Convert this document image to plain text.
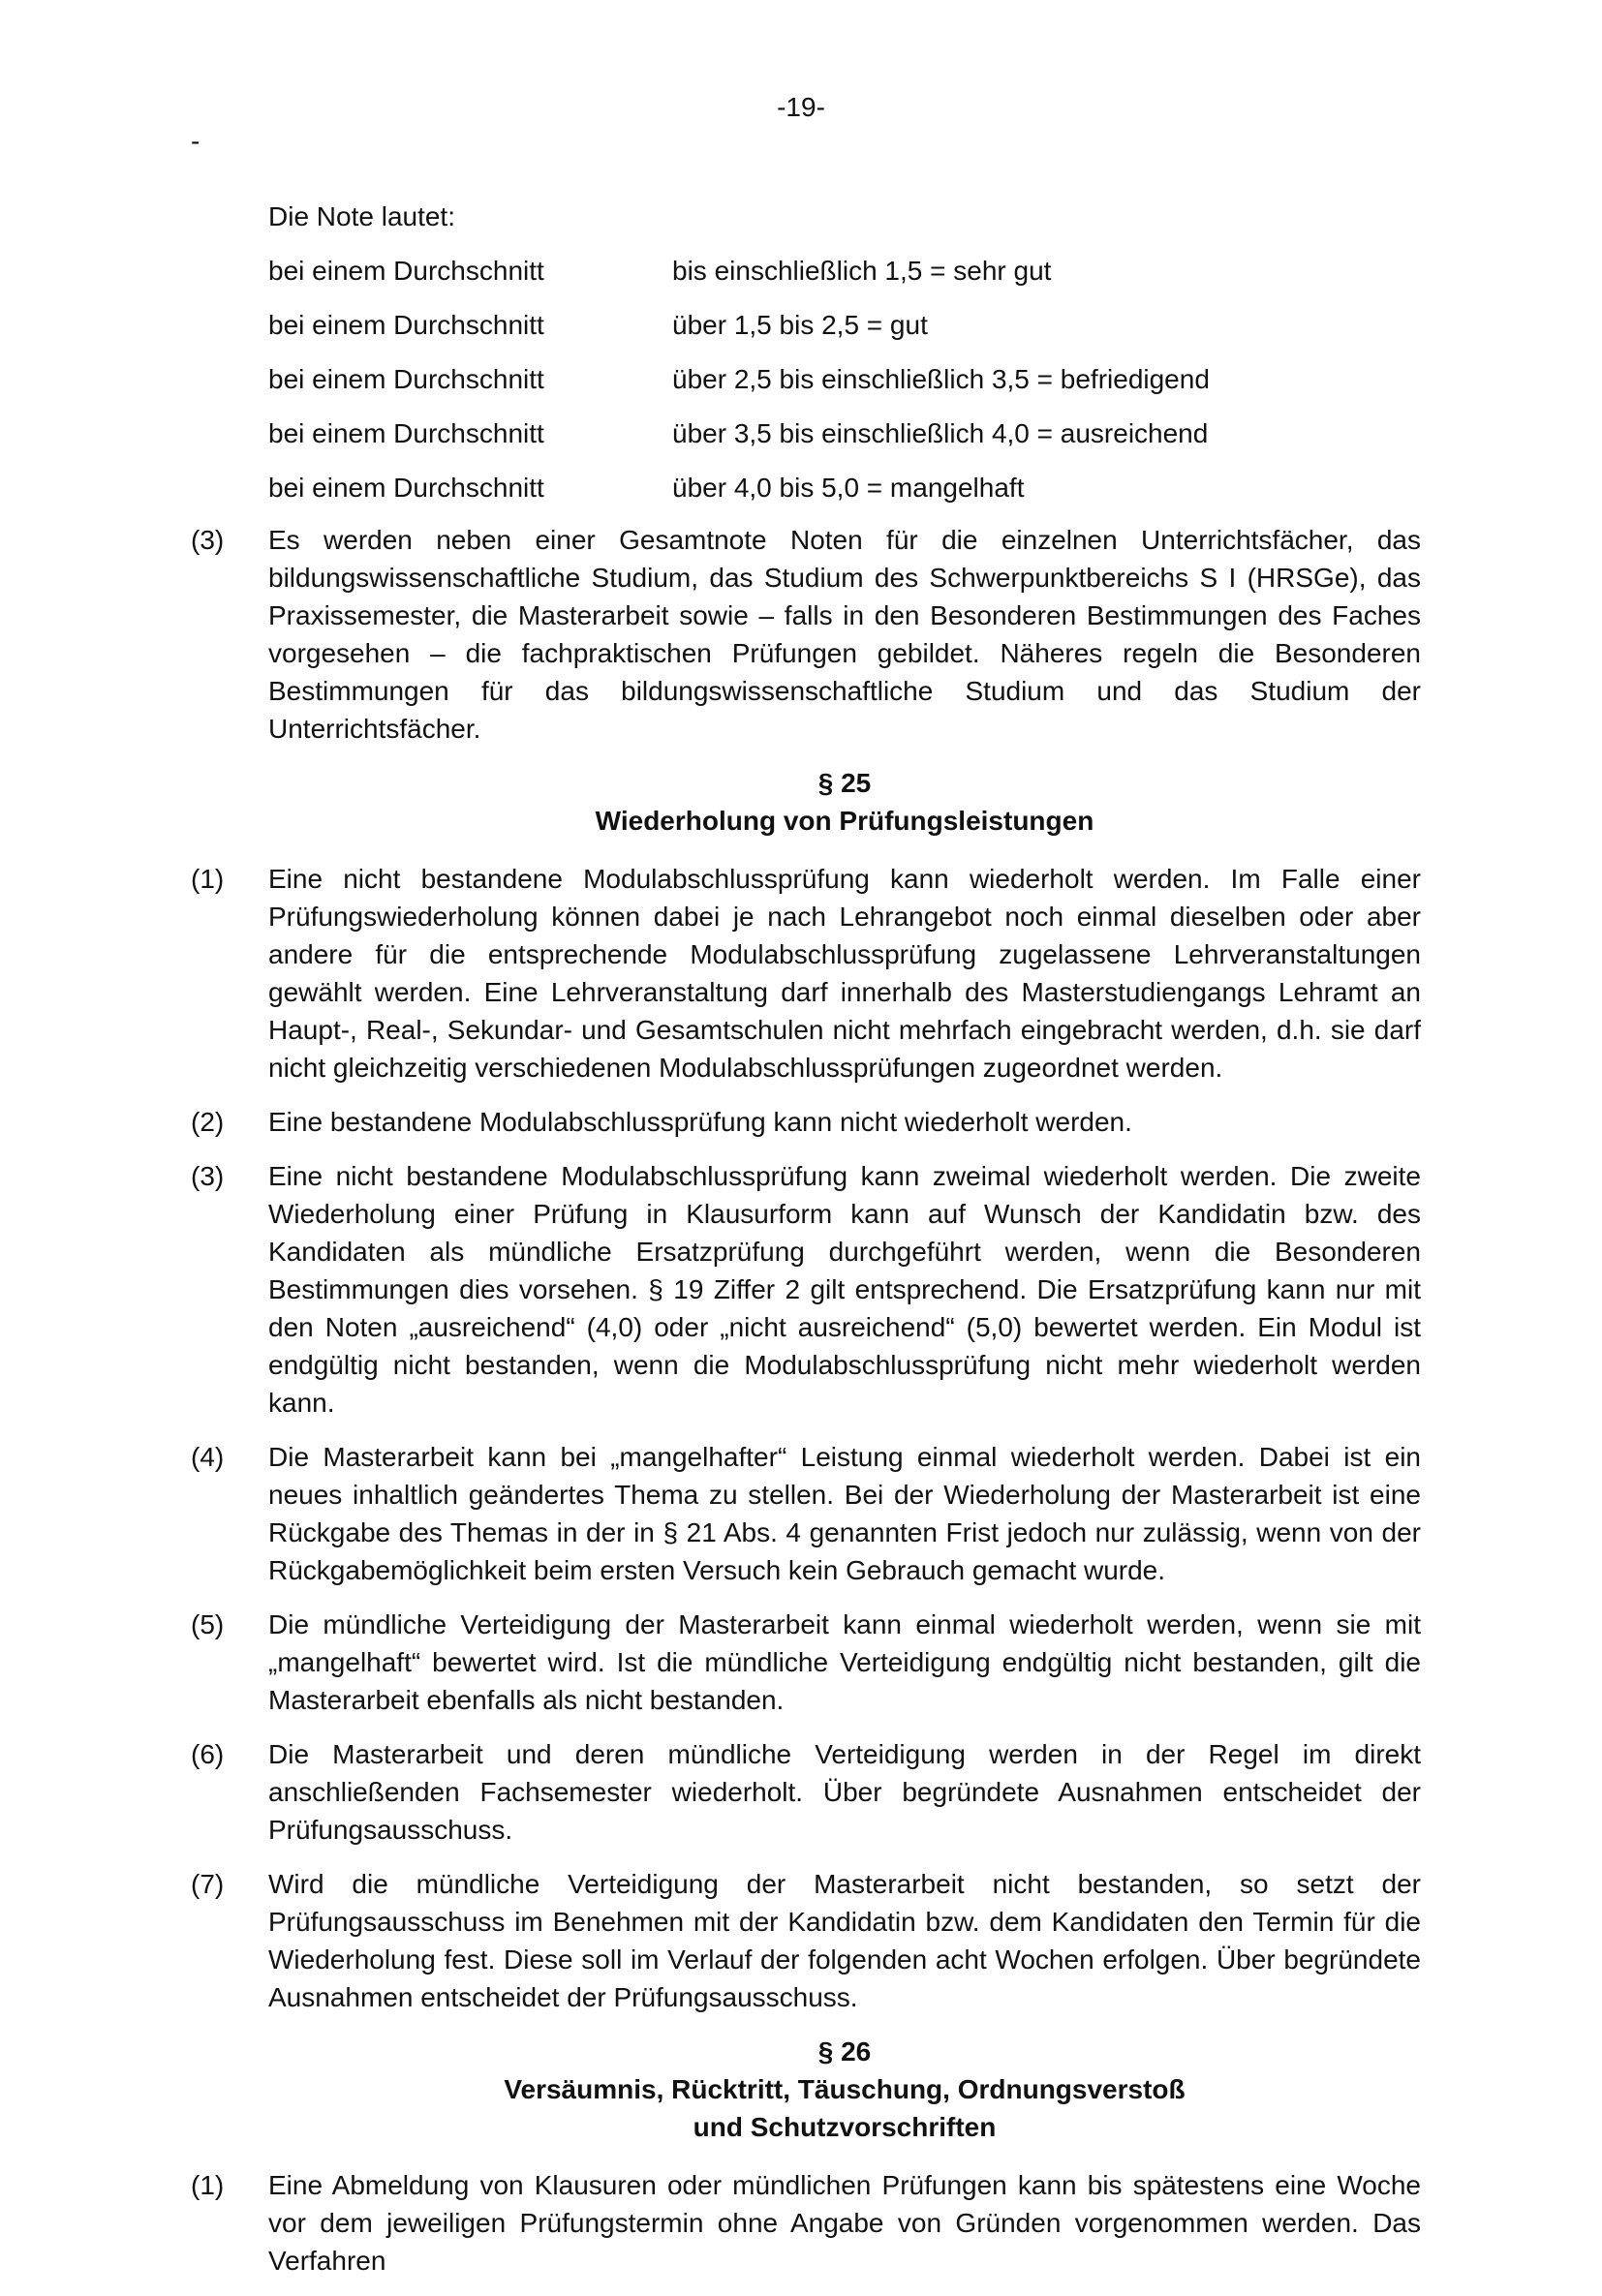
-19-
-
Die Note lautet:
bei einem Durchschnitt	bis einschließlich 1,5 = sehr gut
bei einem Durchschnitt	über 1,5 bis 2,5 = gut
bei einem Durchschnitt	über 2,5 bis einschließlich 3,5 = befriedigend
bei einem Durchschnitt	über 3,5 bis einschließlich 4,0 = ausreichend
bei einem Durchschnitt	über 4,0 bis 5,0 = mangelhaft
(3)	Es werden neben einer Gesamtnote Noten für die einzelnen Unterrichtsfächer, das bildungswissenschaftliche Studium, das Studium des Schwerpunktbereichs S I (HRSGe), das Praxissemester, die Masterarbeit sowie – falls in den Besonderen Bestimmungen des Faches vorgesehen – die fachpraktischen Prüfungen gebildet. Näheres regeln die Besonderen Bestimmungen für das bildungswissenschaftliche Studium und das Studium der Unterrichtsfächer.
§ 25
Wiederholung von Prüfungsleistungen
(1)	Eine nicht bestandene Modulabschlussprüfung kann wiederholt werden. Im Falle einer Prüfungswiederholung können dabei je nach Lehrangebot noch einmal dieselben oder aber andere für die entsprechende Modulabschlussprüfung zugelassene Lehrveranstaltungen gewählt werden. Eine Lehrveranstaltung darf innerhalb des Masterstudiengangs Lehramt an Haupt-, Real-, Sekundar- und Gesamtschulen nicht mehrfach eingebracht werden, d.h. sie darf nicht gleichzeitig verschiedenen Modulabschlussprüfungen zugeordnet werden.
(2)	Eine bestandene Modulabschlussprüfung kann nicht wiederholt werden.
(3)	Eine nicht bestandene Modulabschlussprüfung kann zweimal wiederholt werden. Die zweite Wiederholung einer Prüfung in Klausurform kann auf Wunsch der Kandidatin bzw. des Kandidaten als mündliche Ersatzprüfung durchgeführt werden, wenn die Besonderen Bestimmungen dies vorsehen. § 19 Ziffer 2 gilt entsprechend. Die Ersatzprüfung kann nur mit den Noten „ausreichend“ (4,0) oder „nicht ausreichend“ (5,0) bewertet werden. Ein Modul ist endgültig nicht bestanden, wenn die Modulabschlussprüfung nicht mehr wiederholt werden kann.
(4)	Die Masterarbeit kann bei „mangelhafter“ Leistung einmal wiederholt werden. Dabei ist ein neues inhaltlich geändertes Thema zu stellen. Bei der Wiederholung der Masterarbeit ist eine Rückgabe des Themas in der in § 21 Abs. 4 genannten Frist jedoch nur zulässig, wenn von der Rückgabemöglichkeit beim ersten Versuch kein Gebrauch gemacht wurde.
(5)	Die mündliche Verteidigung der Masterarbeit kann einmal wiederholt werden, wenn sie mit „mangelhaft“ bewertet wird. Ist die mündliche Verteidigung endgültig nicht bestanden, gilt die Masterarbeit ebenfalls als nicht bestanden.
(6)	Die Masterarbeit und deren mündliche Verteidigung werden in der Regel im direkt anschließenden Fachsemester wiederholt. Über begründete Ausnahmen entscheidet der Prüfungsausschuss.
(7)	Wird die mündliche Verteidigung der Masterarbeit nicht bestanden, so setzt der Prüfungsausschuss im Benehmen mit der Kandidatin bzw. dem Kandidaten den Termin für die Wiederholung fest. Diese soll im Verlauf der folgenden acht Wochen erfolgen. Über begründete Ausnahmen entscheidet der Prüfungsausschuss.
§ 26
Versäumnis, Rücktritt, Täuschung, Ordnungsverstoß
und Schutzvorschriften
(1)	Eine Abmeldung von Klausuren oder mündlichen Prüfungen kann bis spätestens eine Woche vor dem jeweiligen Prüfungstermin ohne Angabe von Gründen vorgenommen werden. Das Verfahren
